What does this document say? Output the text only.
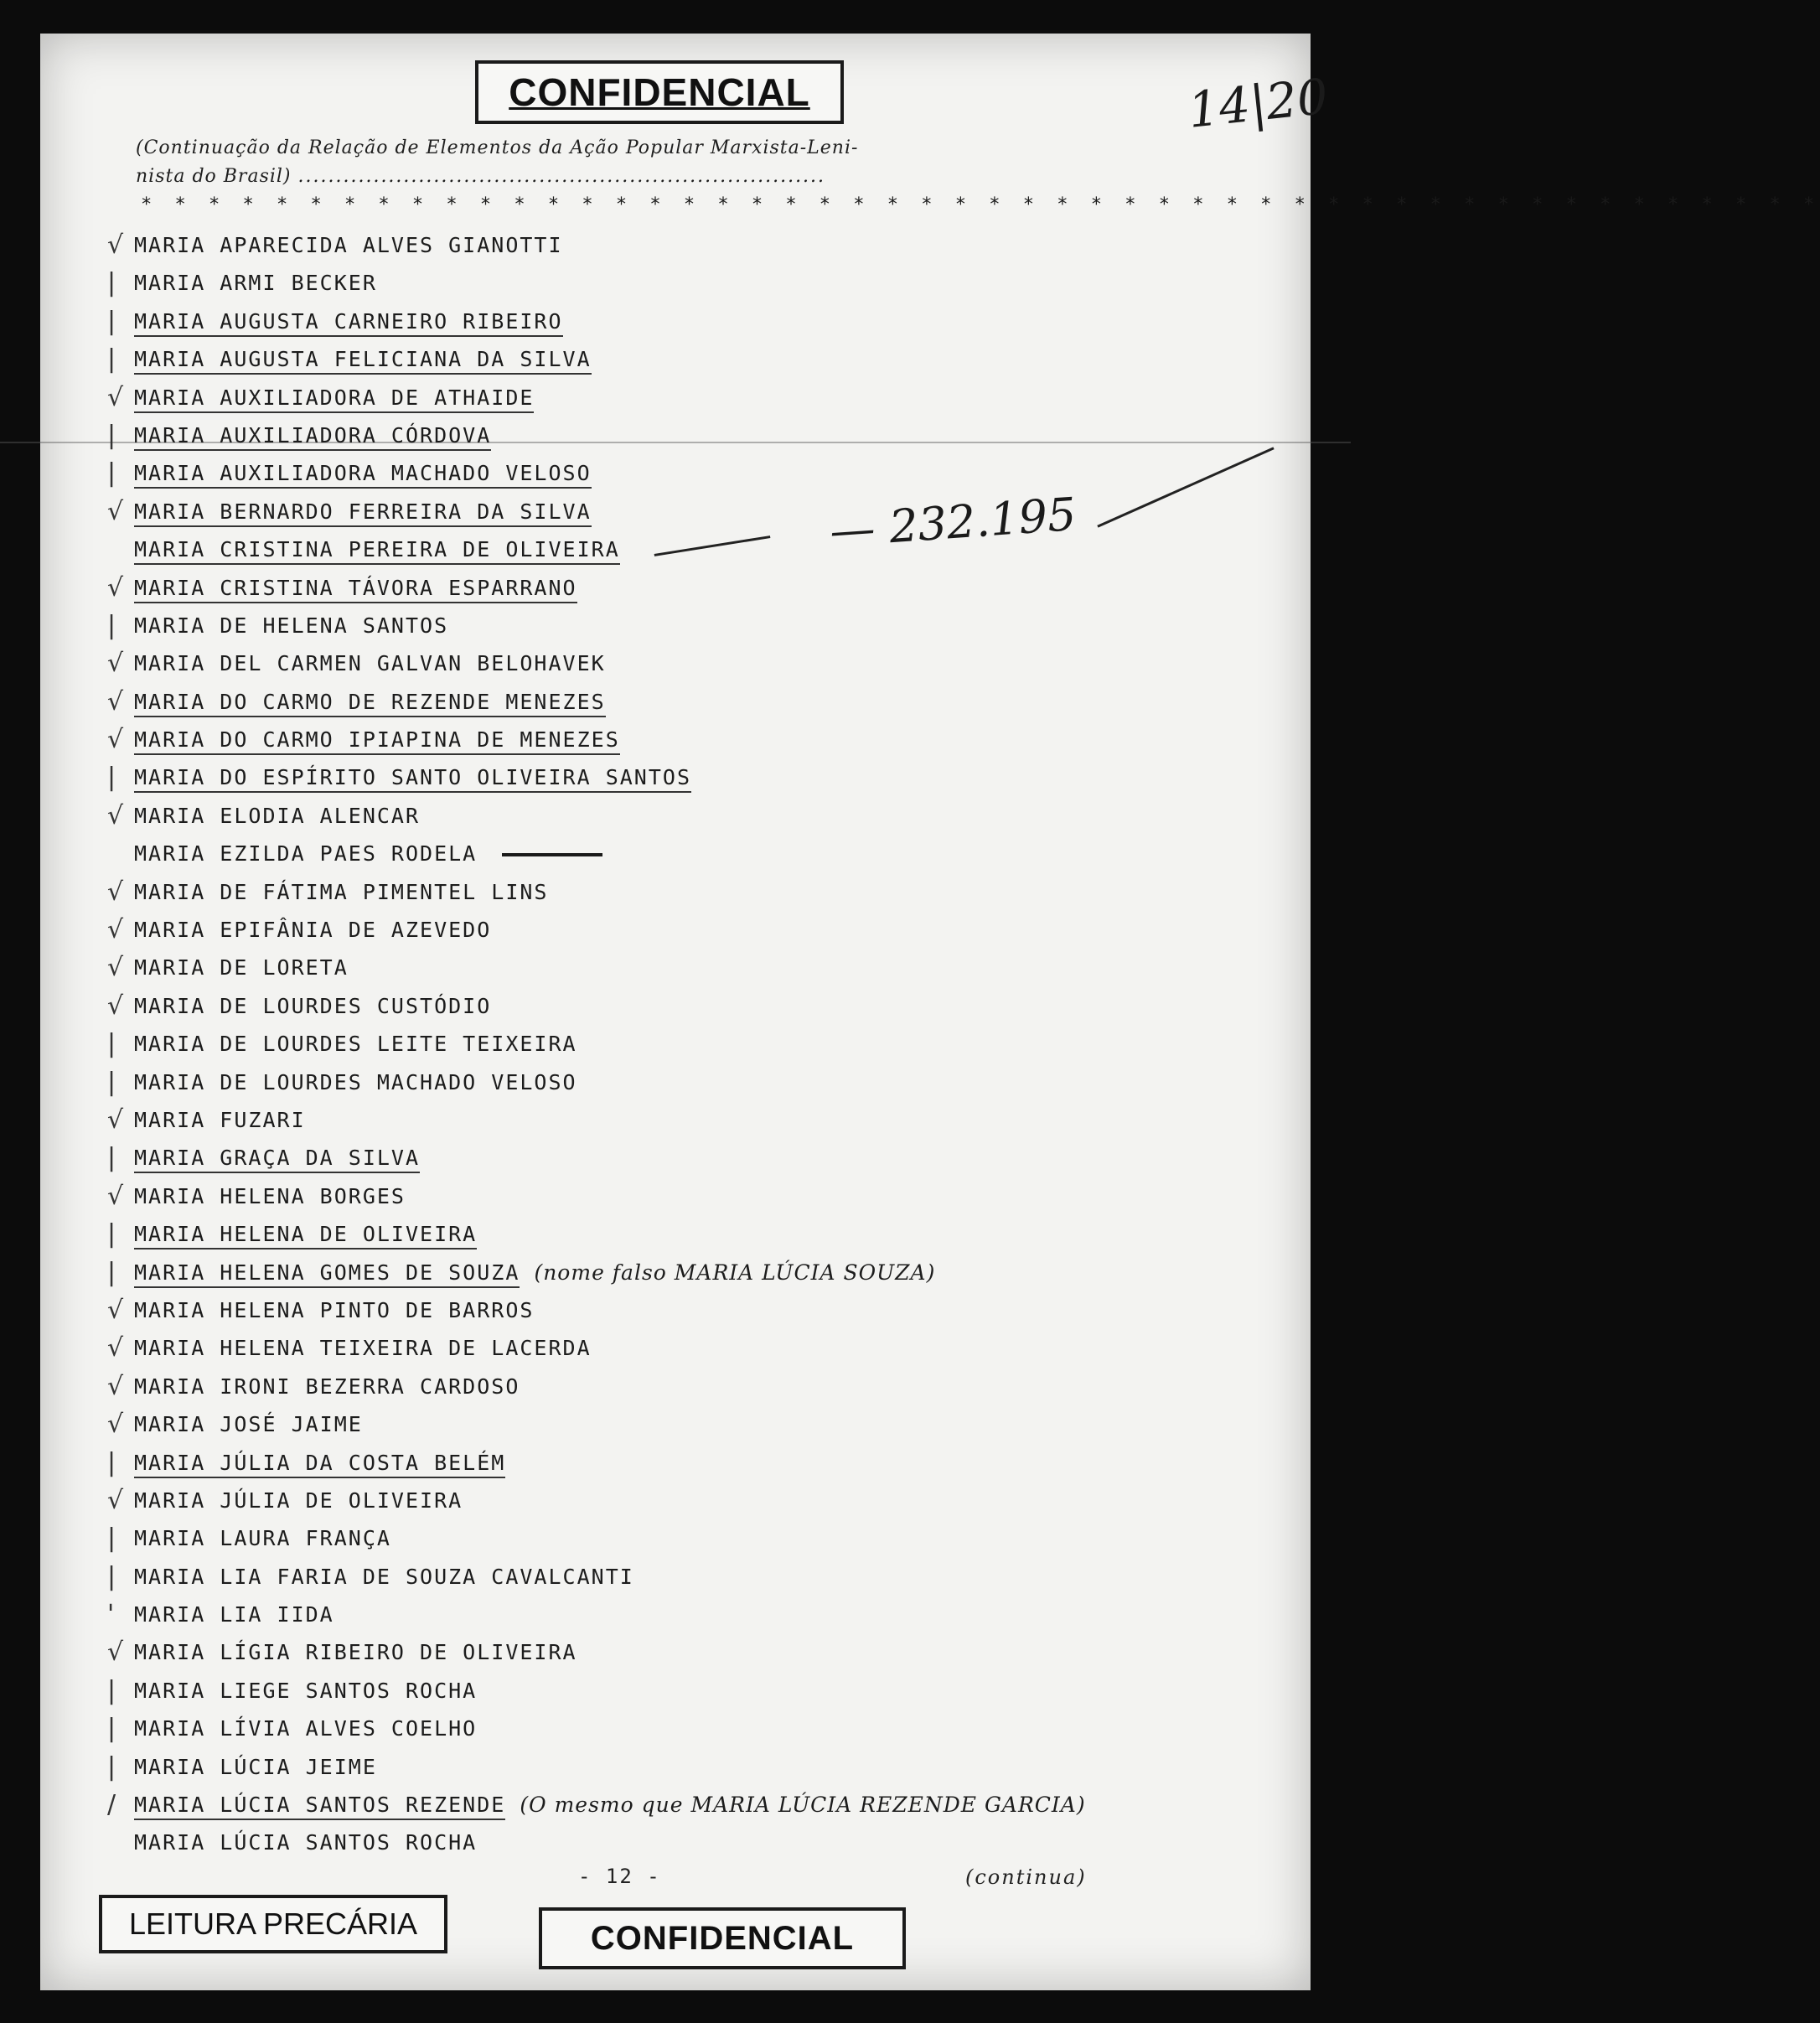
CONFIDENCIAL	14|20
(Continuação da Relação de Elementos da Ação Popular Marxista-Leni-
nista do Brasil) ......................................................................
* * * * * * * * * * * * * * * * * * * * * * * * * * * * * * * * * * * * * * * * * * * * * * * * * *
√ MARIA APARECIDA ALVES GIANOTTI
| MARIA ARMI BECKER
| MARIA AUGUSTA CARNEIRO RIBEIRO
| MARIA AUGUSTA FELICIANA DA SILVA
√ MARIA AUXILIADORA DE ATHAIDE
| MARIA AUXILIADORA CÓRDOVA
| MARIA AUXILIADORA MACHADO VELOSO
√ MARIA BERNARDO FERREIRA DA SILVA
MARIA CRISTINA PEREIRA DE OLIVEIRA
√ MARIA CRISTINA TÁVORA ESPARRANO
| MARIA DE HELENA SANTOS
√ MARIA DEL CARMEN GALVAN BELOHAVEK
√ MARIA DO CARMO DE REZENDE MENEZES
√ MARIA DO CARMO IPIAPINA DE MENEZES
| MARIA DO ESPÍRITO SANTO OLIVEIRA SANTOS
√ MARIA ELODIA ALENCAR
MARIA EZILDA PAES RODELA
√ MARIA DE FÁTIMA PIMENTEL LINS
√ MARIA EPIFÂNIA DE AZEVEDO
√ MARIA DE LORETA
√ MARIA DE LOURDES CUSTÓDIO
| MARIA DE LOURDES LEITE TEIXEIRA
| MARIA DE LOURDES MACHADO VELOSO
√ MARIA FUZARI
| MARIA GRAÇA DA SILVA
√ MARIA HELENA BORGES
| MARIA HELENA DE OLIVEIRA
| MARIA HELENA GOMES DE SOUZA (nome falso MARIA LÚCIA SOUZA)
√ MARIA HELENA PINTO DE BARROS
√ MARIA HELENA TEIXEIRA DE LACERDA
√ MARIA IRONI BEZERRA CARDOSO
√ MARIA JOSÉ JAIME
| MARIA JÚLIA DA COSTA BELÉM
√ MARIA JÚLIA DE OLIVEIRA
| MARIA LAURA FRANÇA
| MARIA LIA FARIA DE SOUZA CAVALCANTI
' MARIA LIA IIDA
√ MARIA LÍGIA RIBEIRO DE OLIVEIRA
| MARIA LIEGE SANTOS ROCHA
| MARIA LÍVIA ALVES COELHO
| MARIA LÚCIA JEIME
/ MARIA LÚCIA SANTOS REZENDE (O mesmo que MARIA LÚCIA REZENDE GARCIA)
MARIA LÚCIA SANTOS ROCHA
— 232.195
- 12 -	(continua)
LEITURA PRECÁRIA	CONFIDENCIAL
